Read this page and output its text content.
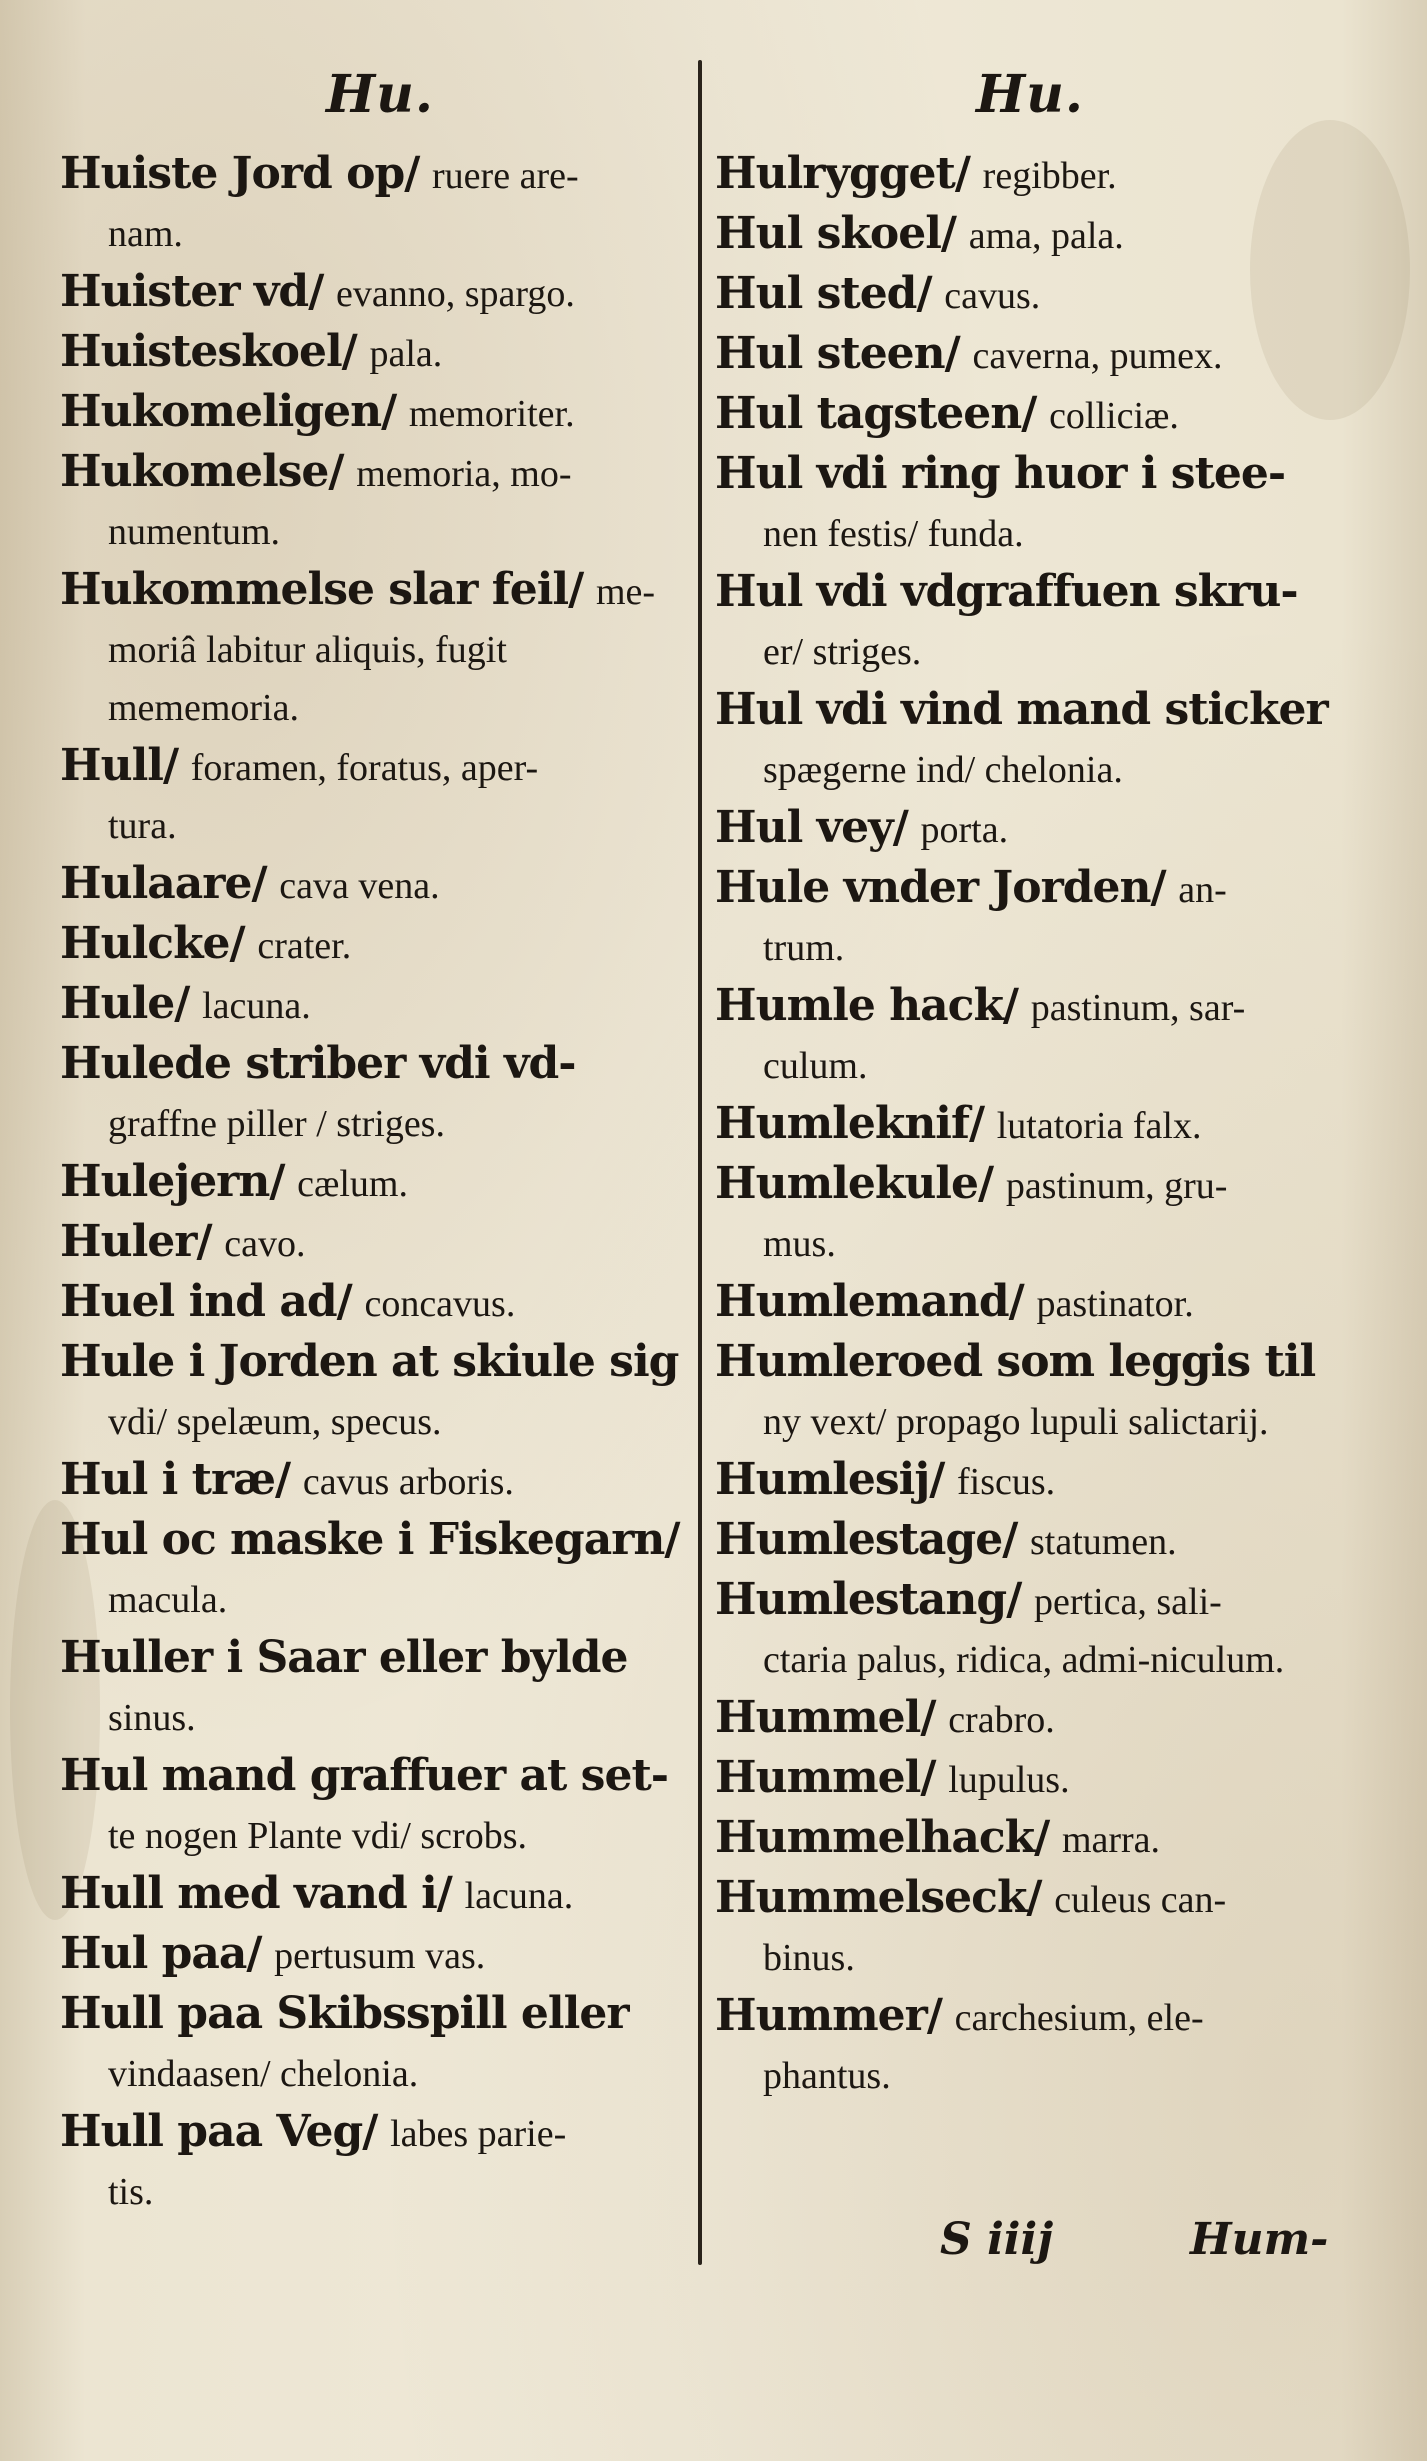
Hu.
Huiste Jord op/ ruere are-
nam.
Huister vd/ evanno, spargo.
Huisteskoel/ pala.
Hukomeligen/ memoriter.
Hukomelse/ memoria, mo-
numentum.
Hukommelse slar feil/ me-
moriâ labitur aliquis, fugit mememoria.
Hull/ foramen, foratus, aper-
tura.
Hulaare/ cava vena.
Hulcke/ crater.
Hule/ lacuna.
Hulede striber vdi vd-
graffne piller / striges.
Hulejern/ cælum.
Huler/ cavo.
Huel ind ad/ concavus.
Hule i Jorden at skiule sig
vdi/ spelæum, specus.
Hul i træ/ cavus arboris.
Hul oc maske i Fiskegarn/
macula.
Huller i Saar eller bylde
sinus.
Hul mand graffuer at set-
te nogen Plante vdi/ scrobs.
Hull med vand i/ lacuna.
Hul paa/ pertusum vas.
Hull paa Skibsspill eller
vindaasen/ chelonia.
Hull paa Veg/ labes parie-
tis.
Hu.
Hulrygget/ regibber.
Hul skoel/ ama, pala.
Hul sted/ cavus.
Hul steen/ caverna, pumex.
Hul tagsteen/ colliciæ.
Hul vdi ring huor i stee-
nen festis/ funda.
Hul vdi vdgraffuen skru-
er/ striges.
Hul vdi vind mand sticker
spægerne ind/ chelonia.
Hul vey/ porta.
Hule vnder Jorden/ an-
trum.
Humle hack/ pastinum, sar-
culum.
Humleknif/ lutatoria falx.
Humlekule/ pastinum, gru-
mus.
Humlemand/ pastinator.
Humleroed som leggis til
ny vext/ propago lupuli salictarij.
Humlesij/ fiscus.
Humlestage/ statumen.
Humlestang/ pertica, sali-
ctaria palus, ridica, admi-niculum.
Hummel/ crabro.
Hummel/ lupulus.
Hummelhack/ marra.
Hummelseck/ culeus can-
binus.
Hummer/ carchesium, ele-
phantus.
S iiij	Hum-
